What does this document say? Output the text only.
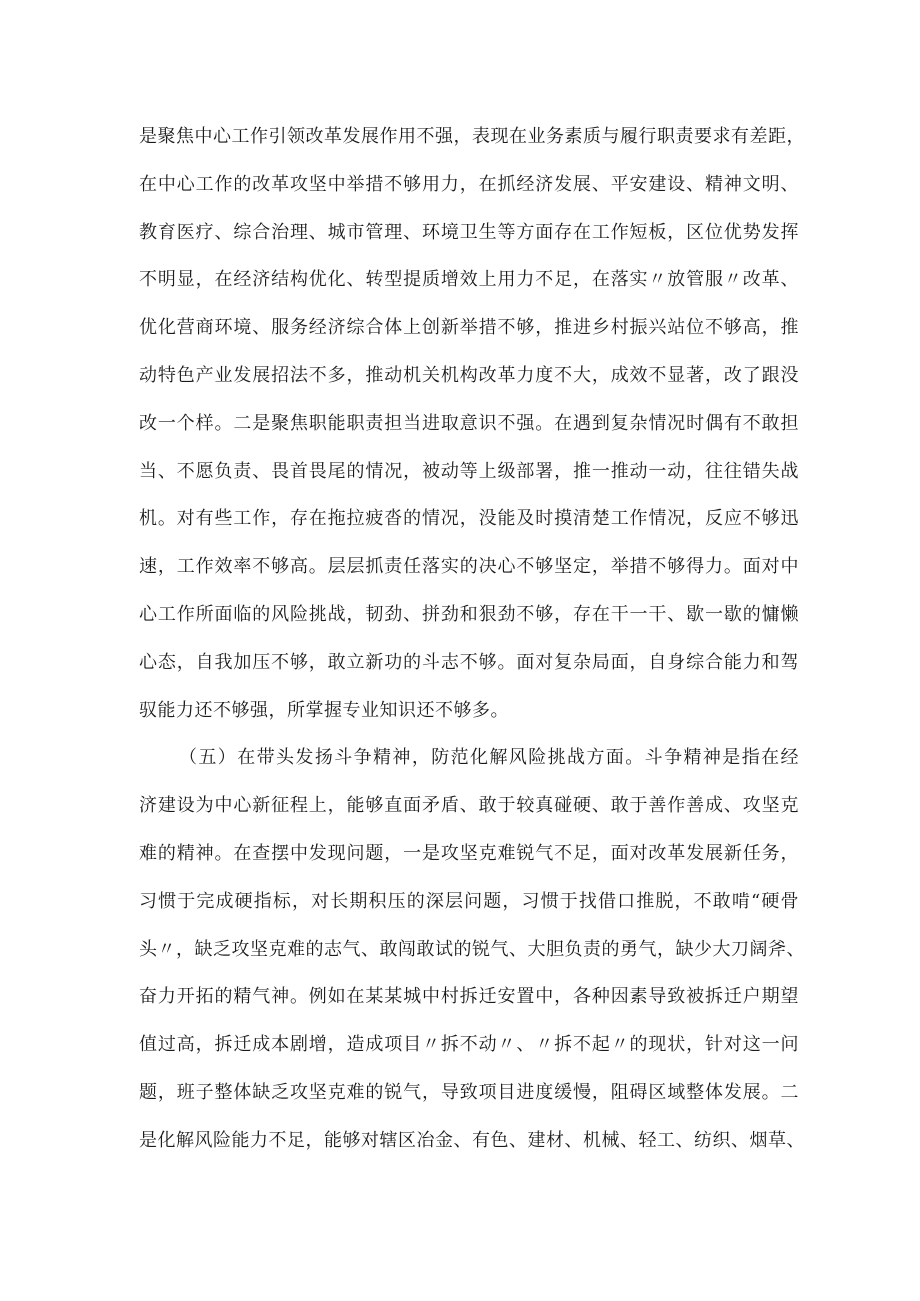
是聚焦中心工作引领改革发展作用不强，表现在业务素质与履行职责要求有差距，
在中心工作的改革攻坚中举措不够用力，在抓经济发展、平安建设、精神文明、
教育医疗、综合治理、城市管理、环境卫生等方面存在工作短板，区位优势发挥
不明显，在经济结构优化、转型提质增效上用力不足，在落实〃放管服〃改革、
优化营商环境、服务经济综合体上创新举措不够，推进乡村振兴站位不够高，推
动特色产业发展招法不多，推动机关机构改革力度不大，成效不显著，改了跟没
改一个样。二是聚焦职能职责担当进取意识不强。在遇到复杂情况时偶有不敢担
当、不愿负责、畏首畏尾的情况，被动等上级部署，推一推动一动，往往错失战
机。对有些工作，存在拖拉疲沓的情况，没能及时摸清楚工作情况，反应不够迅
速，工作效率不够高。层层抓责任落实的决心不够坚定，举措不够得力。面对中
心工作所面临的风险挑战，韧劲、拼劲和狠劲不够，存在干一干、歇一歇的慵懒
心态，自我加压不够，敢立新功的斗志不够。面对复杂局面，自身综合能力和驾
驭能力还不够强，所掌握专业知识还不够多。
（五）在带头发扬斗争精神，防范化解风险挑战方面。斗争精神是指在经
济建设为中心新征程上，能够直面矛盾、敢于较真碰硬、敢于善作善成、攻坚克
难的精神。在查摆中发现问题，一是攻坚克难锐气不足，面对改革发展新任务，
习惯于完成硬指标，对长期积压的深层问题，习惯于找借口推脱，不敢啃“硬骨
头〃，缺乏攻坚克难的志气、敢闯敢试的锐气、大胆负责的勇气，缺少大刀阔斧、
奋力开拓的精气神。例如在某某城中村拆迁安置中，各种因素导致被拆迁户期望
值过高，拆迁成本剧增，造成项目〃拆不动〃、〃拆不起〃的现状，针对这一问
题，班子整体缺乏攻坚克难的锐气，导致项目进度缓慢，阻碍区域整体发展。二
是化解风险能力不足，能够对辖区冶金、有色、建材、机械、轻工、纺织、烟草、
